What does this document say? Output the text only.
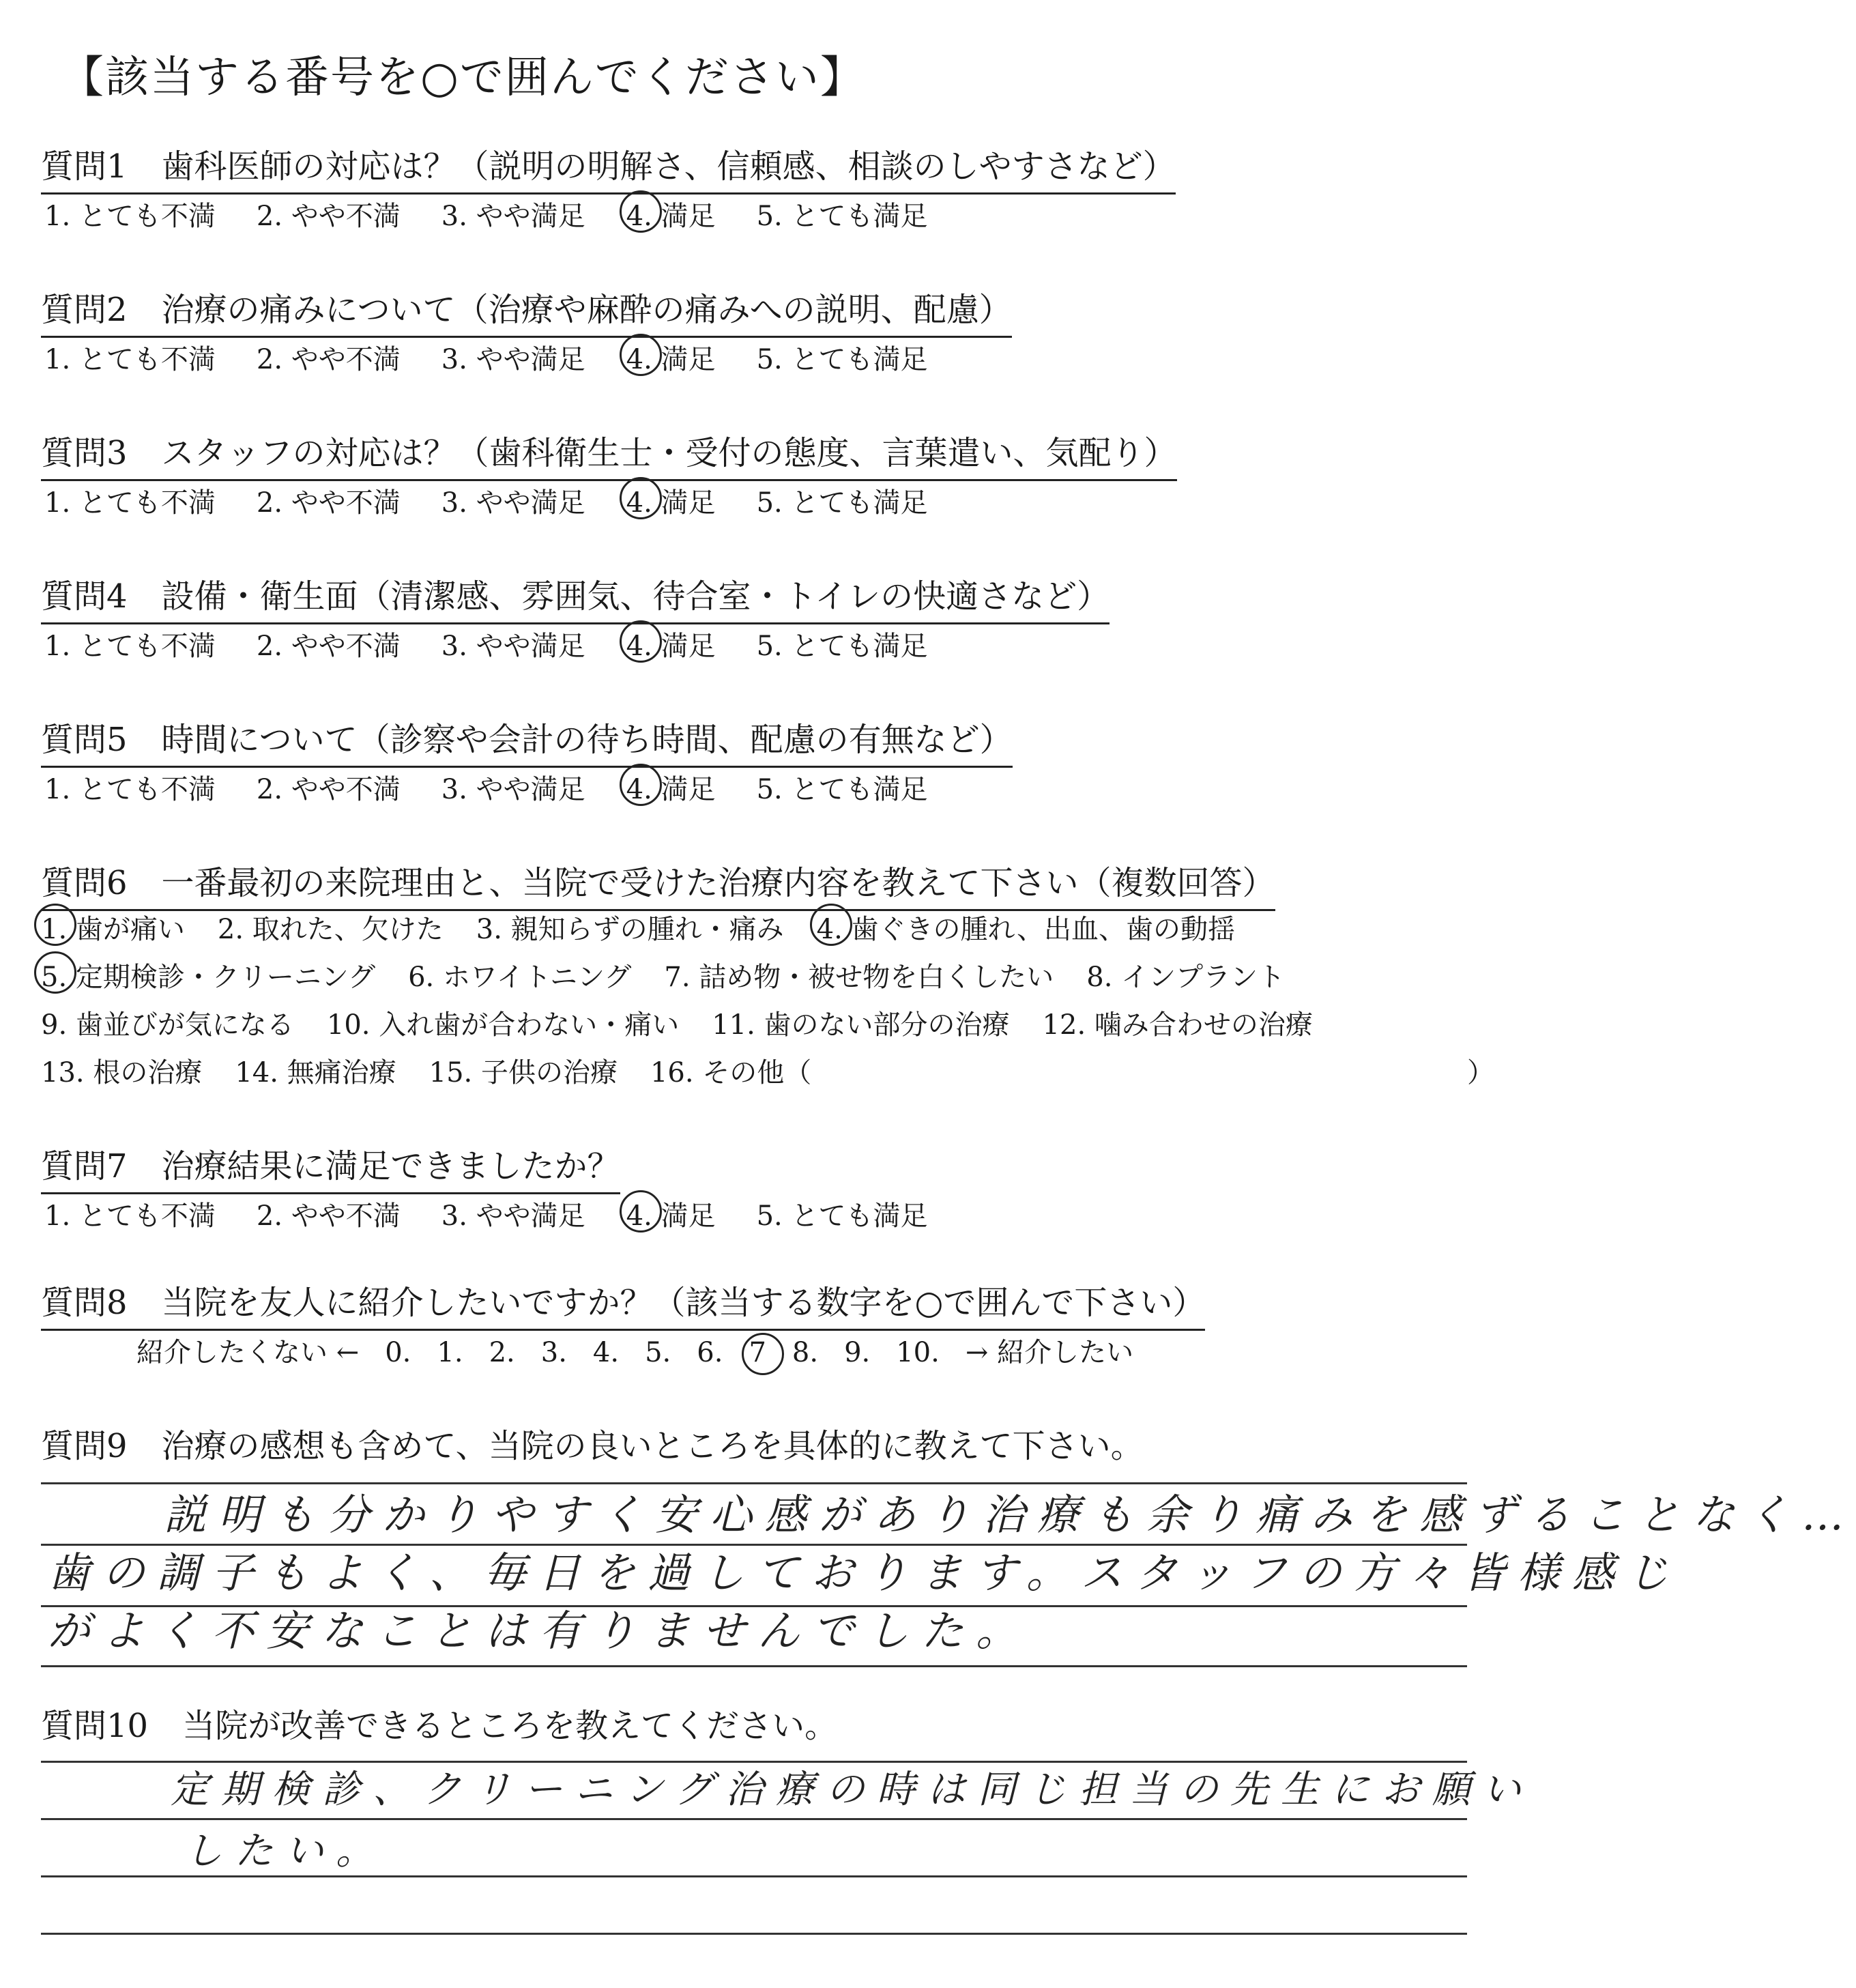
【該当する番号を○で囲んでください】
質問1 歯科医師の対応は？（説明の明解さ、信頼感、相談のしやすさなど）
1. とても不満 2. やや不満 3. やや満足 4. 満足 5. とても満足
質問2 治療の痛みについて（治療や麻酔の痛みへの説明、配慮）
1. とても不満 2. やや不満 3. やや満足 4. 満足 5. とても満足
質問3 スタッフの対応は？（歯科衛生士・受付の態度、言葉遣い、気配り）
1. とても不満 2. やや不満 3. やや満足 4. 満足 5. とても満足
質問4 設備・衛生面（清潔感、雰囲気、待合室・トイレの快適さなど）
1. とても不満 2. やや不満 3. やや満足 4. 満足 5. とても満足
質問5 時間について（診察や会計の待ち時間、配慮の有無など）
1. とても不満 2. やや不満 3. やや満足 4. 満足 5. とても満足
質問6 一番最初の来院理由と、当院で受けた治療内容を教えて下さい（複数回答）
1. 歯が痛い 2. 取れた、欠けた 3. 親知らずの腫れ・痛み 4. 歯ぐきの腫れ、出血、歯の動揺
5. 定期検診・クリーニング 6. ホワイトニング 7. 詰め物・被せ物を白くしたい 8. インプラント
9. 歯並びが気になる 10. 入れ歯が合わない・痛い 11. 歯のない部分の治療 12. 噛み合わせの治療
13. 根の治療 14. 無痛治療 15. 子供の治療 16. その他（	）
質問7 治療結果に満足できましたか？
1. とても不満 2. やや不満 3. やや満足 4. 満足 5. とても満足
質問8 当院を友人に紹介したいですか？（該当する数字を○で囲んで下さい）
紹介したくない ← 0. 1. 2. 3. 4. 5. 6. 7 8. 9. 10. → 紹介したい
質問9 治療の感想も含めて、当院の良いところを具体的に教えて下さい。
説明も分かりやすく安心感があり治療も余り痛みを感ずることなく…
歯の調子もよく、毎日を過しております。スタッフの方々皆様感じ
がよく不安なことは有りませんでした。
質問10 当院が改善できるところを教えてください。
定期検診、クリーニング治療の時は同じ担当の先生にお願い
したい。
